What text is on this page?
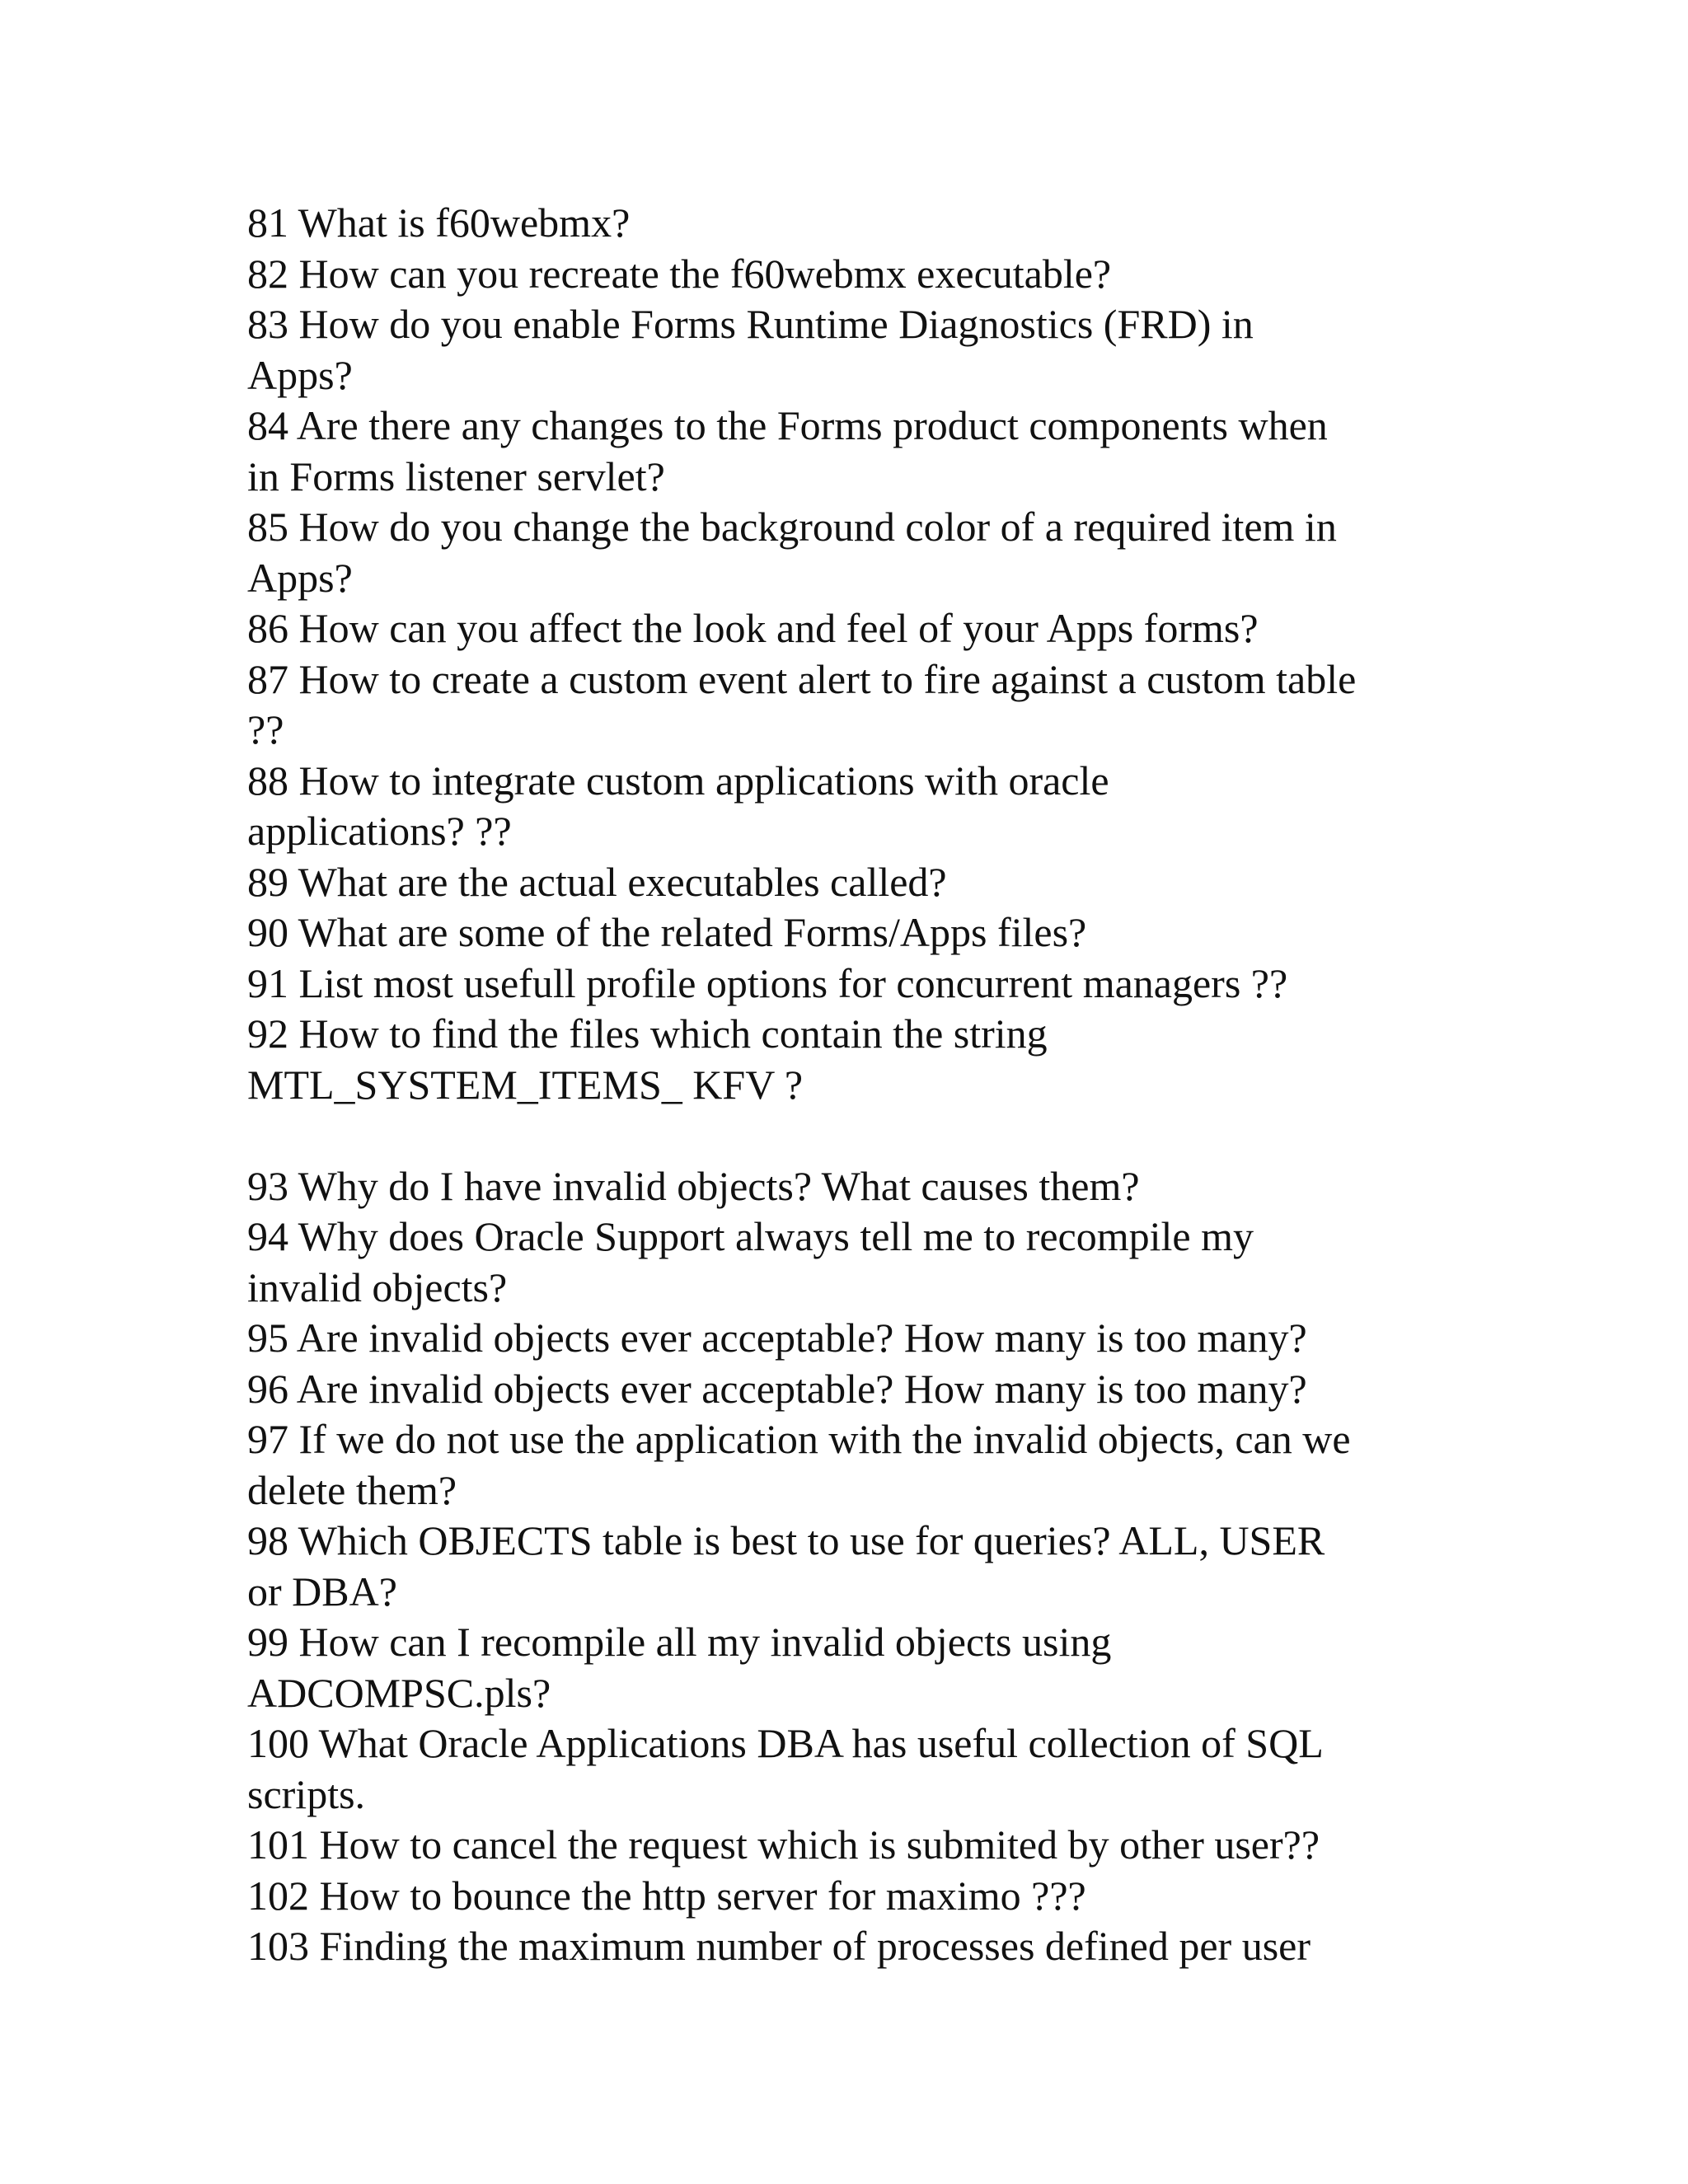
81 What is f60webmx?
82 How can you recreate the f60webmx executable?
83 How do you enable Forms Runtime Diagnostics (FRD) in
Apps?
84 Are there any changes to the Forms product components when
in Forms listener servlet?
85 How do you change the background color of a required item in
Apps?
86 How can you affect the look and feel of your Apps forms?
87 How to create a custom event alert to fire against a custom table
??
88 How to integrate custom applications with oracle
applications? ??
89 What are the actual executables called?
90 What are some of the related Forms/Apps files?
91 List most usefull profile options for concurrent managers ??
92 How to find the files which contain the string
MTL_SYSTEM_ITEMS_ KFV ?
93 Why do I have invalid objects? What causes them?
94 Why does Oracle Support always tell me to recompile my
invalid objects?
95 Are invalid objects ever acceptable? How many is too many?
96 Are invalid objects ever acceptable? How many is too many?
97 If we do not use the application with the invalid objects, can we
delete them?
98 Which OBJECTS table is best to use for queries? ALL, USER
or DBA?
99 How can I recompile all my invalid objects using
ADCOMPSC.pls?
100 What Oracle Applications DBA has useful collection of SQL
scripts.
101 How to cancel the request which is submited by other user??
102 How to bounce the http server for maximo ???
103 Finding the maximum number of processes defined per user
